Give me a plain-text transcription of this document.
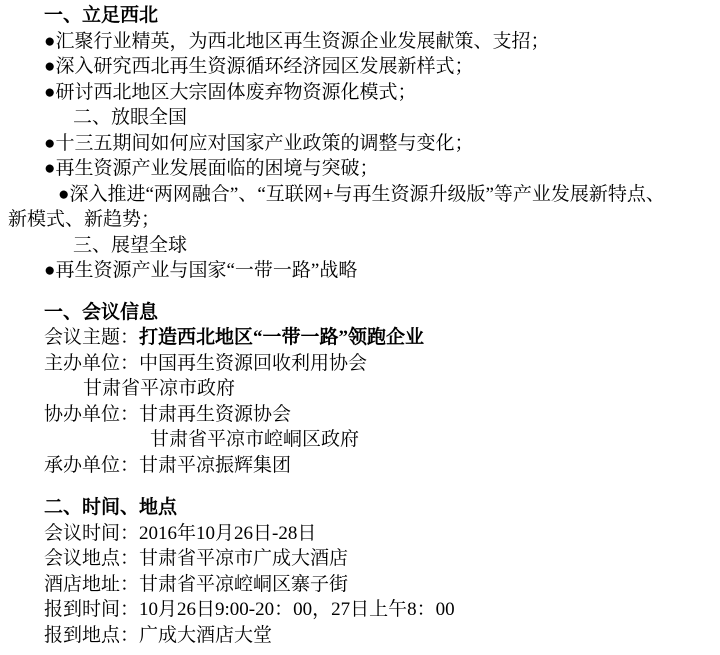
一、立足西北
●汇聚行业精英，为西北地区再生资源企业发展献策、支招；
●深入研究西北再生资源循环经济园区发展新样式；
●研讨西北地区大宗固体废弃物资源化模式；
二、放眼全国
●十三五期间如何应对国家产业政策的调整与变化；
●再生资源产业发展面临的困境与突破；
●深入推进“两网融合”、“互联网+与再生资源升级版”等产业发展新特点、
新模式、新趋势；
三、展望全球
●再生资源产业与国家“一带一路”战略
一、会议信息
会议主题：打造西北地区“一带一路”领跑企业
主办单位：中国再生资源回收利用协会
甘肃省平凉市政府
协办单位：甘肃再生资源协会
甘肃省平凉市崆峒区政府
承办单位：甘肃平凉振辉集团
二、时间、地点
会议时间：2016年10月26日-28日
会议地点：甘肃省平凉市广成大酒店
酒店地址：甘肃省平凉崆峒区寨子街
报到时间：10月26日9:00-20：00，27日上午8：00
报到地点：广成大酒店大堂
